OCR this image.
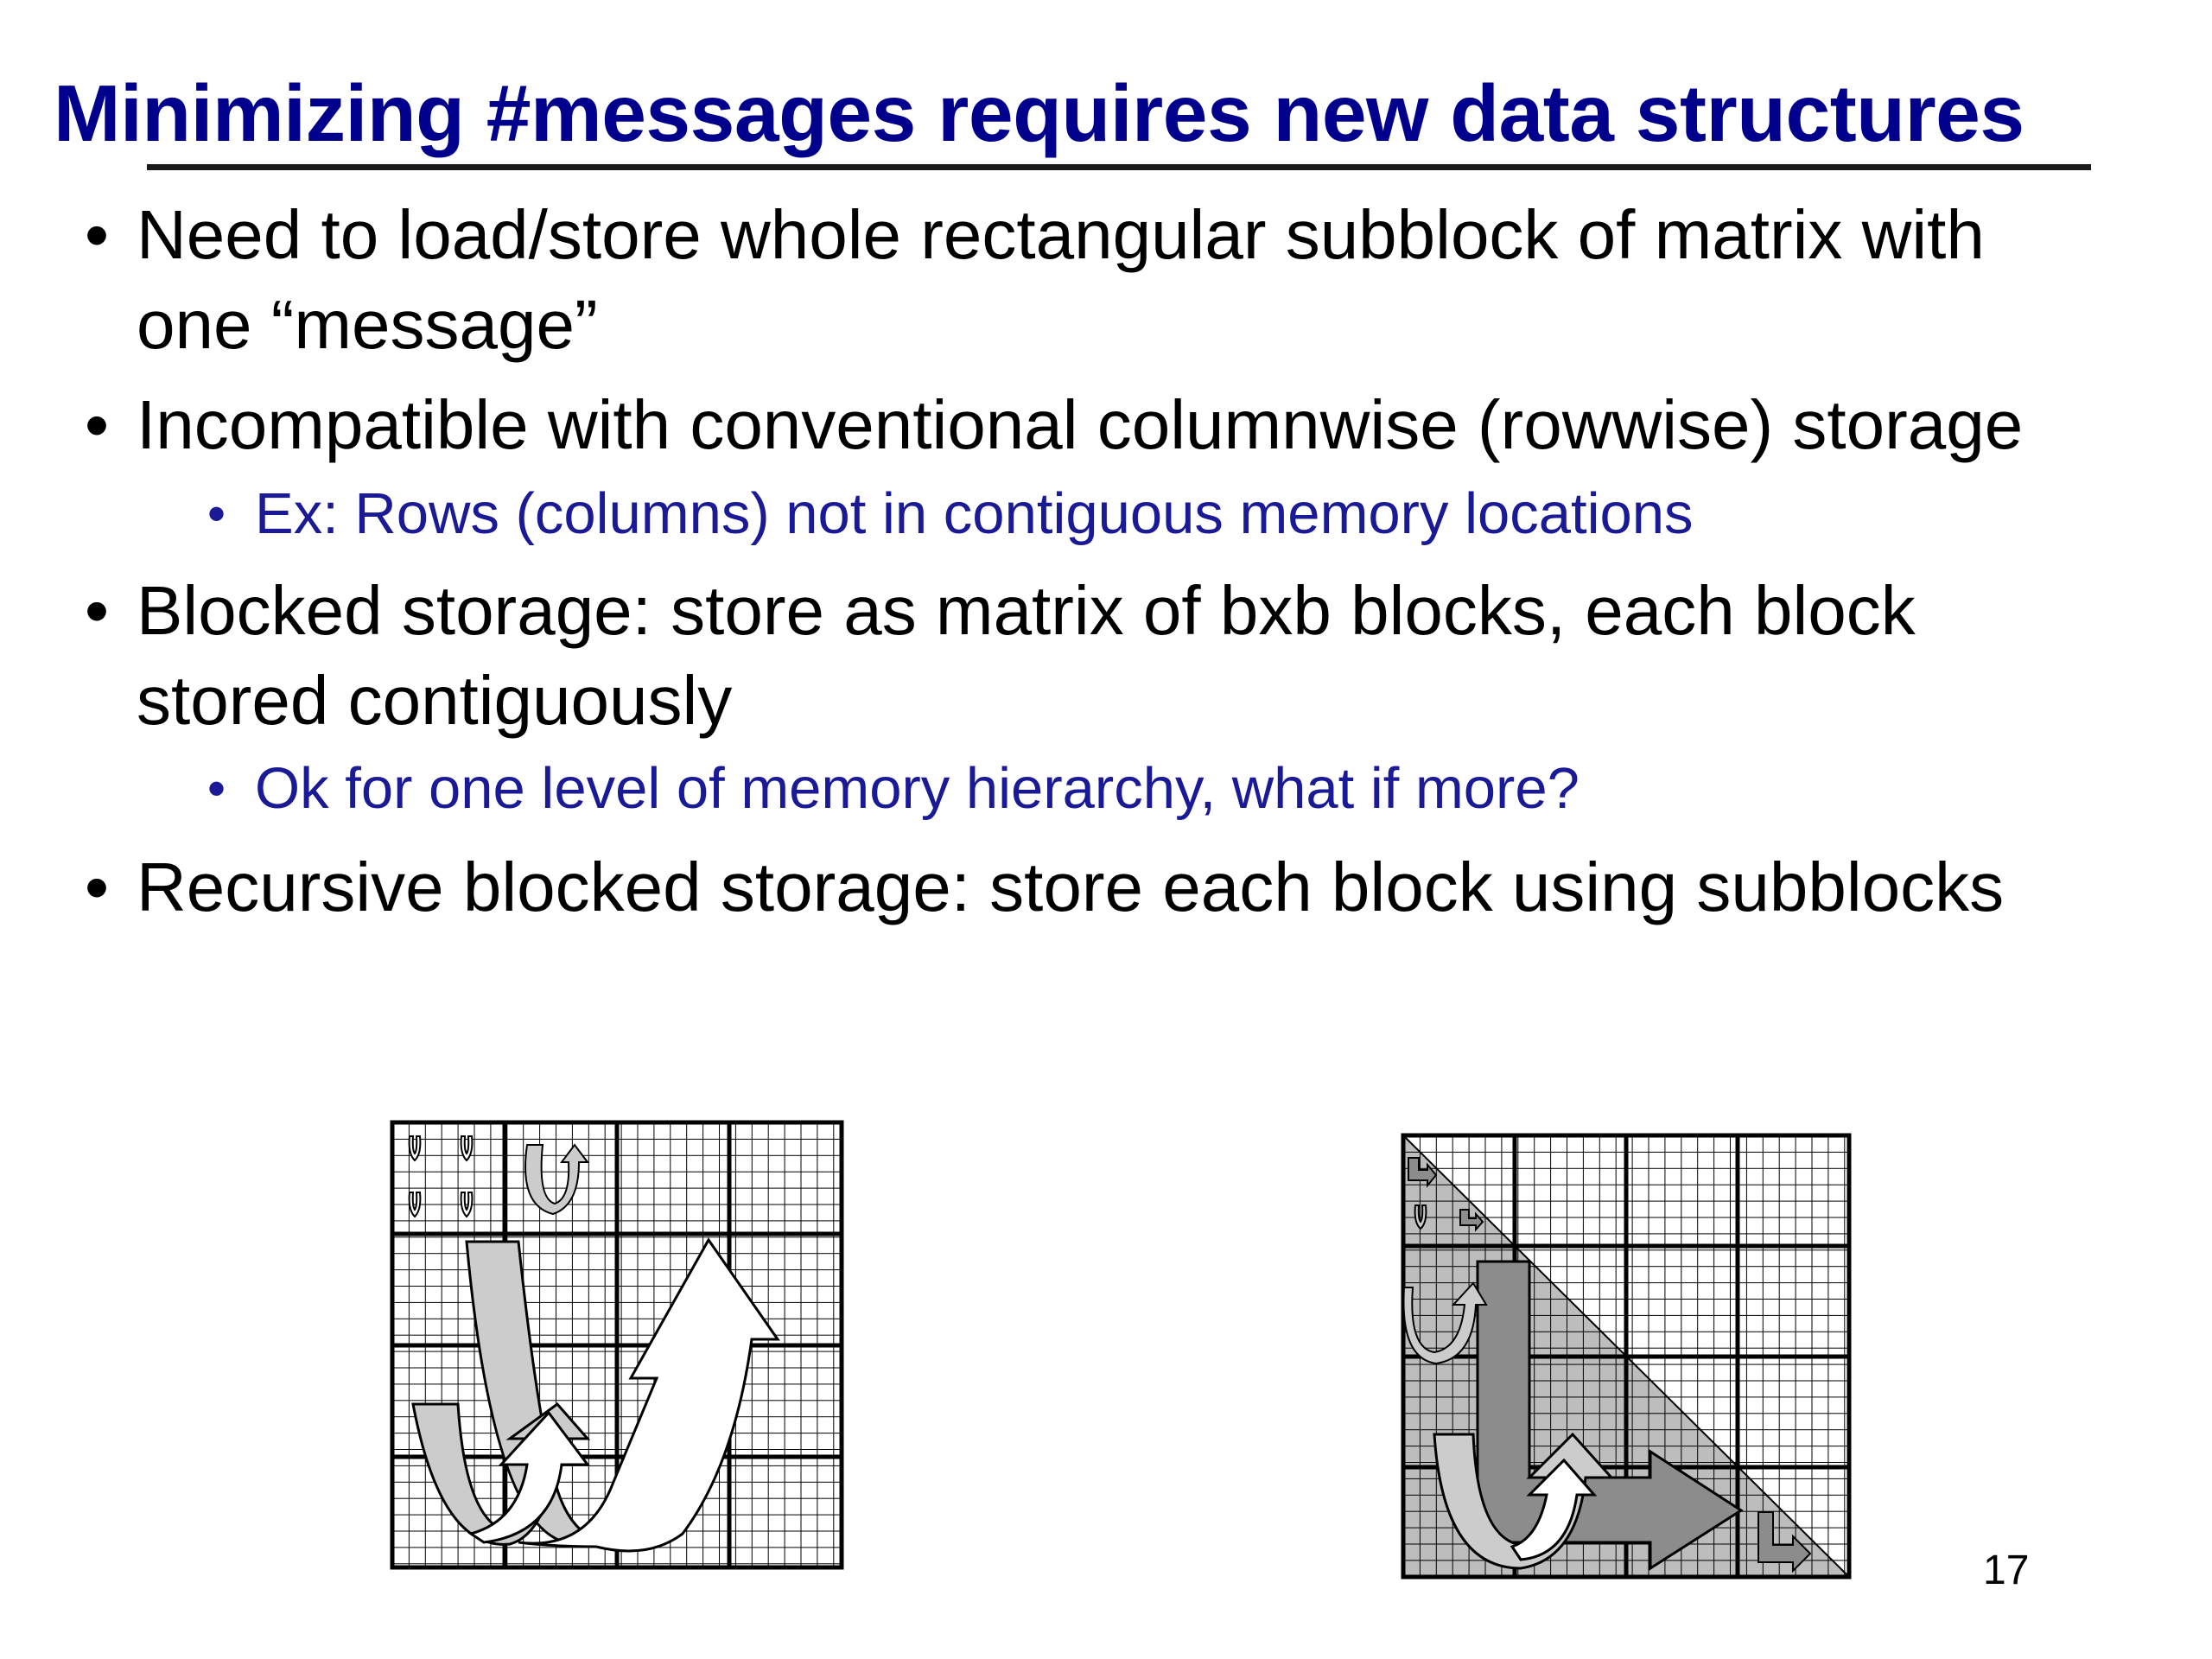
Minimizing #messages requires new data structures
• Need to load/store whole rectangular subblock of matrix with
one “message”
• Incompatible with conventional columnwise (rowwise) storage
• Ex: Rows (columns) not in contiguous memory locations
• Blocked storage: store as matrix of bxb blocks, each block
stored contiguously
• Ok for one level of memory hierarchy, what if more?
• Recursive blocked storage: store each block using subblocks
17
